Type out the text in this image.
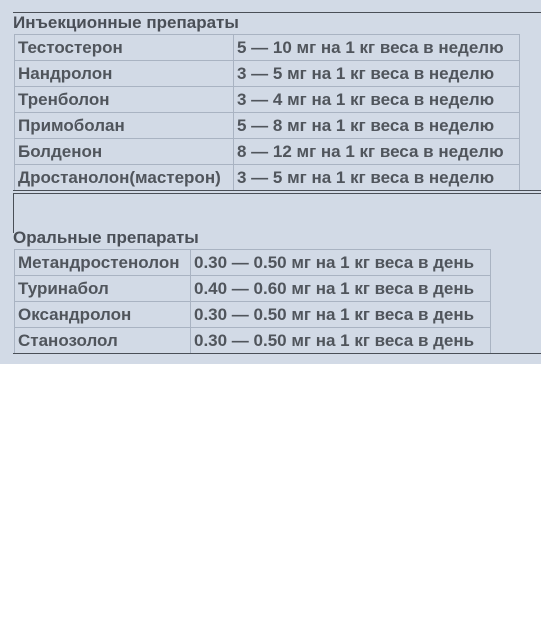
Инъекционные препараты
Тестостерон	5 — 10 мг на 1 кг веса в неделю
Нандролон	3 — 5 мг на 1 кг веса в неделю
Тренболон	3 — 4 мг на 1 кг веса в неделю
Примоболан	5 — 8 мг на 1 кг веса в неделю
Болденон	8 — 12 мг на 1 кг веса в неделю
Дростанолон(мастерон)	3 — 5 мг на 1 кг веса в неделю
Оральные препараты
Метандростенолон	0.30 — 0.50 мг на 1 кг веса в день
Туринабол	0.40 — 0.60 мг на 1 кг веса в день
Оксандролон	0.30 — 0.50 мг на 1 кг веса в день
Станозолол	0.30 — 0.50 мг на 1 кг веса в день
